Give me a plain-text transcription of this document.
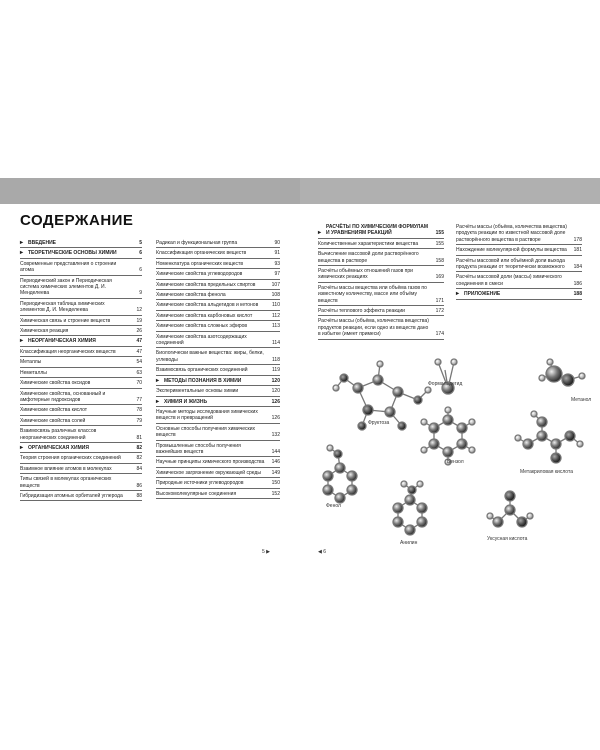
СОДЕРЖАНИЕ
▸ ВВЕДЕНИЕ	5
▸ ТЕОРЕТИЧЕСКИЕ ОСНОВЫ ХИМИИ	6
Современные представления о строении атома	6
Периодический закон и Периодическая система химических элементов Д. И. Менделеева	9
Периодическая таблица химических элементов Д. И. Менделеева	12
Химическая связь и строение веществ	19
Химическая реакция	26
▸ НЕОРГАНИЧЕСКАЯ ХИМИЯ	47
Классификация неорганических веществ	47
Металлы	54
Неметаллы	63
Химические свойства оксидов	70
Химические свойства, основаниый и амфотерные гидроксидов	77
Химические свойства кислот	78
Химические свойства солей	79
Взаимосвязь различных классов неорганических соединений	81
▸ ОРГАНИЧЕСКАЯ ХИМИЯ	82
Теория строения органических соединений	82
Взаимное влияние атомов в молекулах	84
Типы связей в молекулах органических веществ	86
Гибридизация атомных орбиталей углерода	88
Радикал и функциональная группа	90
Классификация органических веществ	91
Номенклатура органических веществ	93
Химические свойства углеводородов	97
Химические свойства предельных спиртов	107
Химические свойства фенола	108
Химические свойства альдегидов и кетонов	110
Химические свойства карбоновых кислот	112
Химические свойства сложных эфиров	113
Химические свойства азотсодержащих соединений	114
Биологически важные вещества: жиры, белки, углеводы	118
Взаимосвязь органических соединений	119
▸ МЕТОДЫ ПОЗНАНИЯ В ХИМИИ	120
Экспериментальные основы химии	120
▸ ХИМИЯ И ЖИЗНЬ	126
Научные методы исследования химических веществ и превращений	126
Основные способы получения химических веществ	132
Промышленные способы получения важнейших веществ	144
Научные принципы химического производства 146
Химическое загрязнение окружающей среды 149
Природные источники углеводородов	150
Высокомолекулярные соединения	152
▸
РАСЧЁТЫ ПО ХИМИЧЕСКИМ ФОРМУЛАМ И УРАВНЕНИЯМ РЕАКЦИЙ	155
Количественные характеристики вещества	155
Вычисление массовой доли растворённого вещества в растворе	158
Расчёты объёмных отношений газов при химических реакциях	169
Расчёты массы вещества или объёма газов по известному количеству, массе или объёму веществ	171
Расчёты теплового эффекта реакции	172
Расчёты массы (объёма, количества вещества) продуктов реакции, если одно из веществ дано в избытке (имеет примеси)	174
Расчёты массы (объёма, количества вещества) продукта реакции по известной массовой доле растворённого вещества в растворе	178
Нахождение молекулярной формулы вещества 181
Расчёты массовой или объёмной доли выхода продукта реакции от теоретически возможного 184
Расчёты массовой доли (массы) химического соединения в смеси	186
▸ ПРИЛОЖЕНИЕ	188
5 ▶	◀ 6
Формальдегид
Метанол
Фруктоза
Бензол
Метакриловая кислота
Фенол
Анилин
Уксусная кислота
